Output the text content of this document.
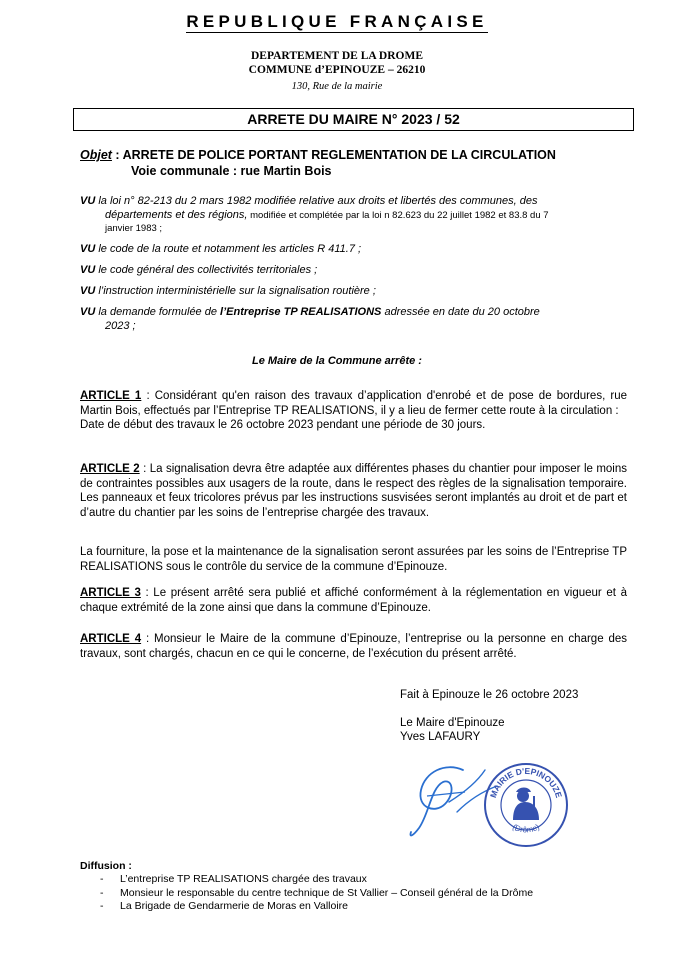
REPUBLIQUE FRANÇAISE
DEPARTEMENT DE LA DROME
COMMUNE d’EPINOUZE – 26210
130, Rue de la mairie
ARRETE DU MAIRE N° 2023 / 52
Objet : ARRETE DE POLICE PORTANT REGLEMENTATION DE LA CIRCULATION
Voie communale : rue Martin Bois
VU la loi n° 82-213 du 2 mars 1982 modifiée relative aux droits et libertés des communes, des
départements et des régions, modifiée et complétée par la loi n 82.623 du 22 juillet 1982 et 83.8 du 7
janvier 1983 ;
VU le code de la route et notamment les articles R 411.7 ;
VU le code général des collectivités territoriales ;
VU l’instruction interministérielle sur la signalisation routière ;
VU la demande formulée de l’Entreprise TP REALISATIONS adressée en date du 20 octobre
2023 ;
Le Maire de la Commune arrête :
ARTICLE 1 : Considérant qu'en raison des travaux d’application d'enrobé et de pose de bordures, rue Martin Bois, effectués par l’Entreprise TP REALISATIONS, il y a lieu de fermer cette route à la circulation :
Date de début des travaux le 26 octobre 2023 pendant une période de 30 jours.
ARTICLE 2 : La signalisation devra être adaptée aux différentes phases du chantier pour imposer le moins de contraintes possibles aux usagers de la route, dans le respect des règles de la signalisation temporaire. Les panneaux et feux tricolores prévus par les instructions susvisées seront implantés au droit et de part et d’autre du chantier par les soins de l’entreprise chargée des travaux.
La fourniture, la pose et la maintenance de la signalisation seront assurées par les soins de l’Entreprise TP REALISATIONS sous le contrôle du service de la commune d’Epinouze.
ARTICLE 3 : Le présent arrêté sera publié et affiché conformément à la réglementation en vigueur et à chaque extrémité de la zone ainsi que dans la commune d’Epinouze.
ARTICLE 4 : Monsieur le Maire de la commune d’Epinouze, l’entreprise ou la personne en charge des travaux, sont chargés, chacun en ce qui le concerne, de l’exécution du présent arrêté.
Fait à Epinouze le 26 octobre 2023
Le Maire d'Epinouze
Yves LAFAURY
MAIRIE D'EPINOUZE
(Drôme)
Diffusion :
-	L’entreprise TP REALISATIONS chargée des travaux
-	Monsieur le responsable du centre technique de St Vallier – Conseil général de la Drôme
-	La Brigade de Gendarmerie de Moras en Valloire
